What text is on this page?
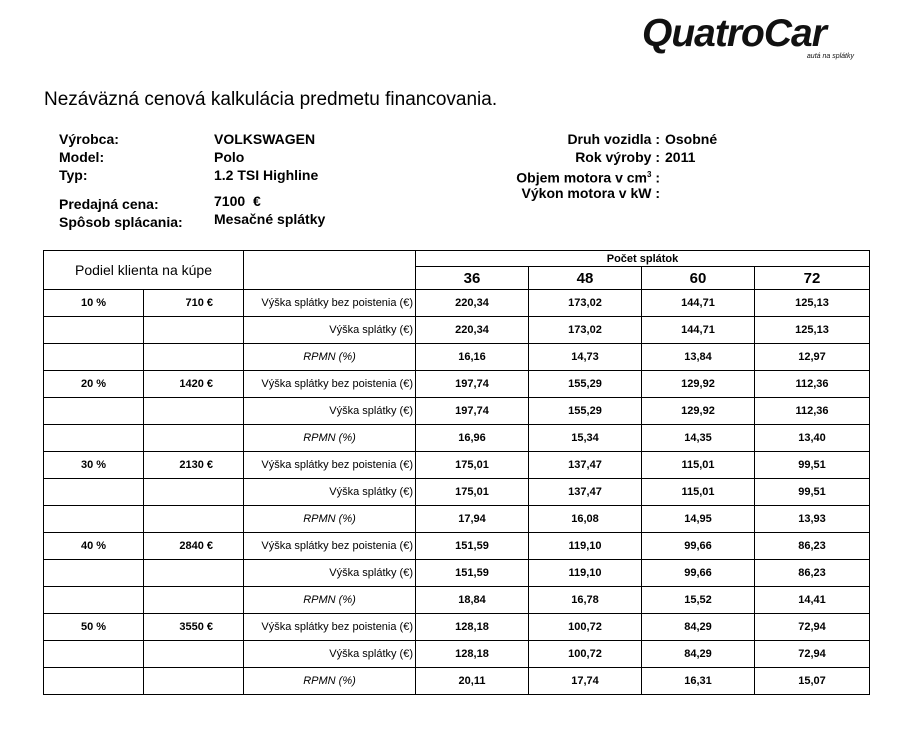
QuatroCar
autá na splátky
Nezáväzná cenová kalkulácia predmetu financovania.
Výrobca:	VOLKSWAGEN
Model:	Polo
Typ:	1.2 TSI Highline
Predajná cena:	7100 €
Spôsob splácania: Mesačné splátky
Druh vozidla : Osobné
Rok výroby : 2011
Objem motora v $cm^3$ :
Výkon motora v kW :
Podiel klienta na kúpe			Počet splátok			
			36	48	60	72
10 %	710 €	Výška splátky bez poistenia (€)	220,34	173,02	144,71	125,13
		Výška splátky (€)	220,34	173,02	144,71	125,13
		RPMN (%)	16,16	14,73	13,84	12,97
20 %	1420 €	Výška splátky bez poistenia (€)	197,74	155,29	129,92	112,36
		Výška splátky (€)	197,74	155,29	129,92	112,36
		RPMN (%)	16,96	15,34	14,35	13,40
30 %	2130 €	Výška splátky bez poistenia (€)	175,01	137,47	115,01	99,51
		Výška splátky (€)	175,01	137,47	115,01	99,51
		RPMN (%)	17,94	16,08	14,95	13,93
40 %	2840 €	Výška splátky bez poistenia (€)	151,59	119,10	99,66	86,23
		Výška splátky (€)	151,59	119,10	99,66	86,23
		RPMN (%)	18,84	16,78	15,52	14,41
50 %	3550 €	Výška splátky bez poistenia (€)	128,18	100,72	84,29	72,94
		Výška splátky (€)	128,18	100,72	84,29	72,94
		RPMN (%)	20,11	17,74	16,31	15,07
